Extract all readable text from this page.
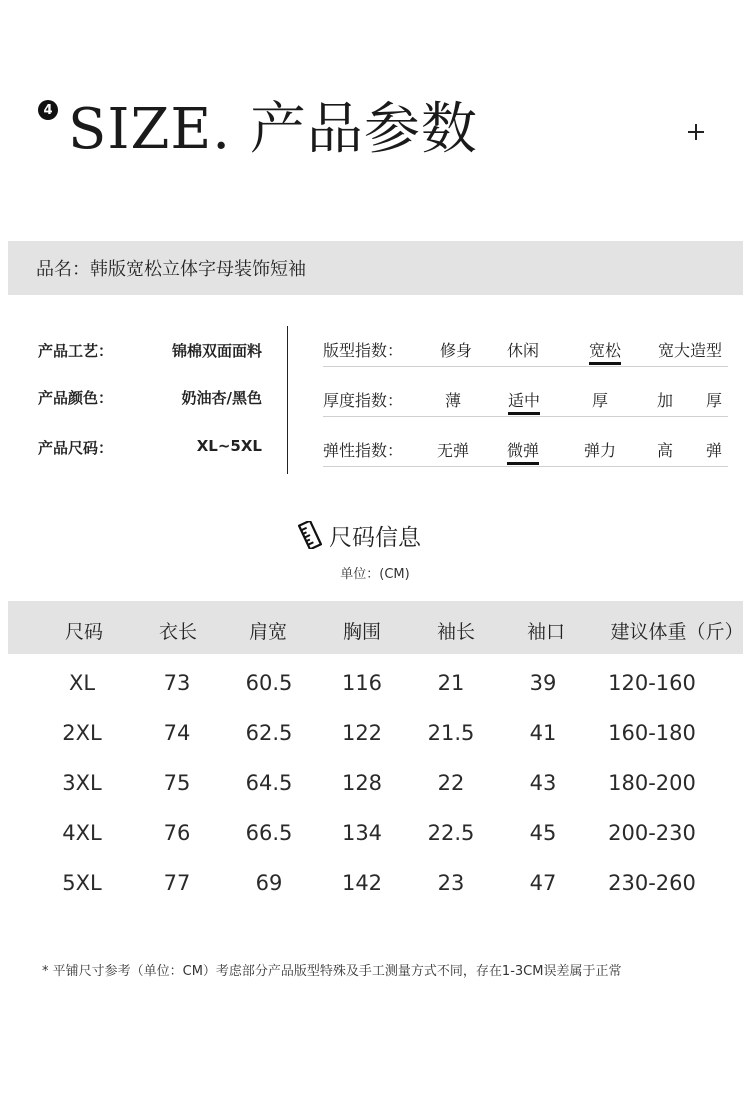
4 SIZE. 产品参数
品名：韩版宽松立体字母装饰短袖
产品工艺：	锦棉双面面料
产品颜色：	奶油杏/黑色
产品尺码：	XL~5XL
版型指数： 修身 休闲	宽松 宽大造型
厚度指数：	薄	适中	厚	加 厚
弹性指数： 无弹 微弹	弹力	高 弹
尺码信息
单位：(CM)
尺码	衣长	肩宽	胸围	袖长	袖口 建议体重（斤）
XL	73	60.5 116	21	39 120-160
2XL	74	62.5 122 21.5	41 160-180
3XL	75	64.5 128	22	43 180-200
4XL	76	66.5 134 22.5	45 200-230
5XL	77	69	142	23	47 230-260
* 平铺尺寸参考（单位：CM）考虑部分产品版型特殊及手工测量方式不同，存在1-3CM误差属于正常
